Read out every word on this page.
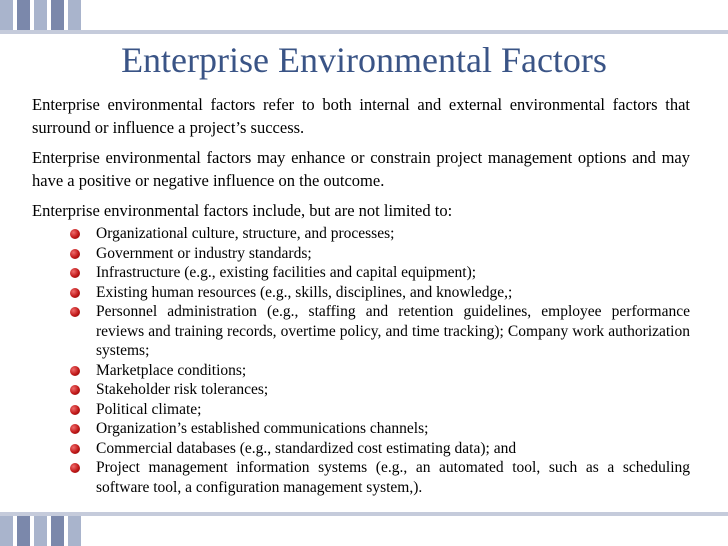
Enterprise Environmental Factors

Enterprise environmental factors refer to both internal and external environmental factors that surround or influence a project’s success.

Enterprise environmental factors may enhance or constrain project management options and may have a positive or negative influence on the outcome.

Enterprise environmental factors include, but are not limited to:

Organizational culture, structure, and processes;
Government or industry standards;
Infrastructure (e.g., existing facilities and capital equipment);
Existing human resources (e.g., skills, disciplines, and knowledge,;
Personnel administration (e.g., staffing and retention guidelines, employee performance reviews and training records, overtime policy, and time tracking); Company work authorization systems;
Marketplace conditions;
Stakeholder risk tolerances;
Political climate;
Organization’s established communications channels;
Commercial databases (e.g., standardized cost estimating data); and
Project management information systems (e.g., an automated tool, such as a scheduling software tool, a configuration management system,).
